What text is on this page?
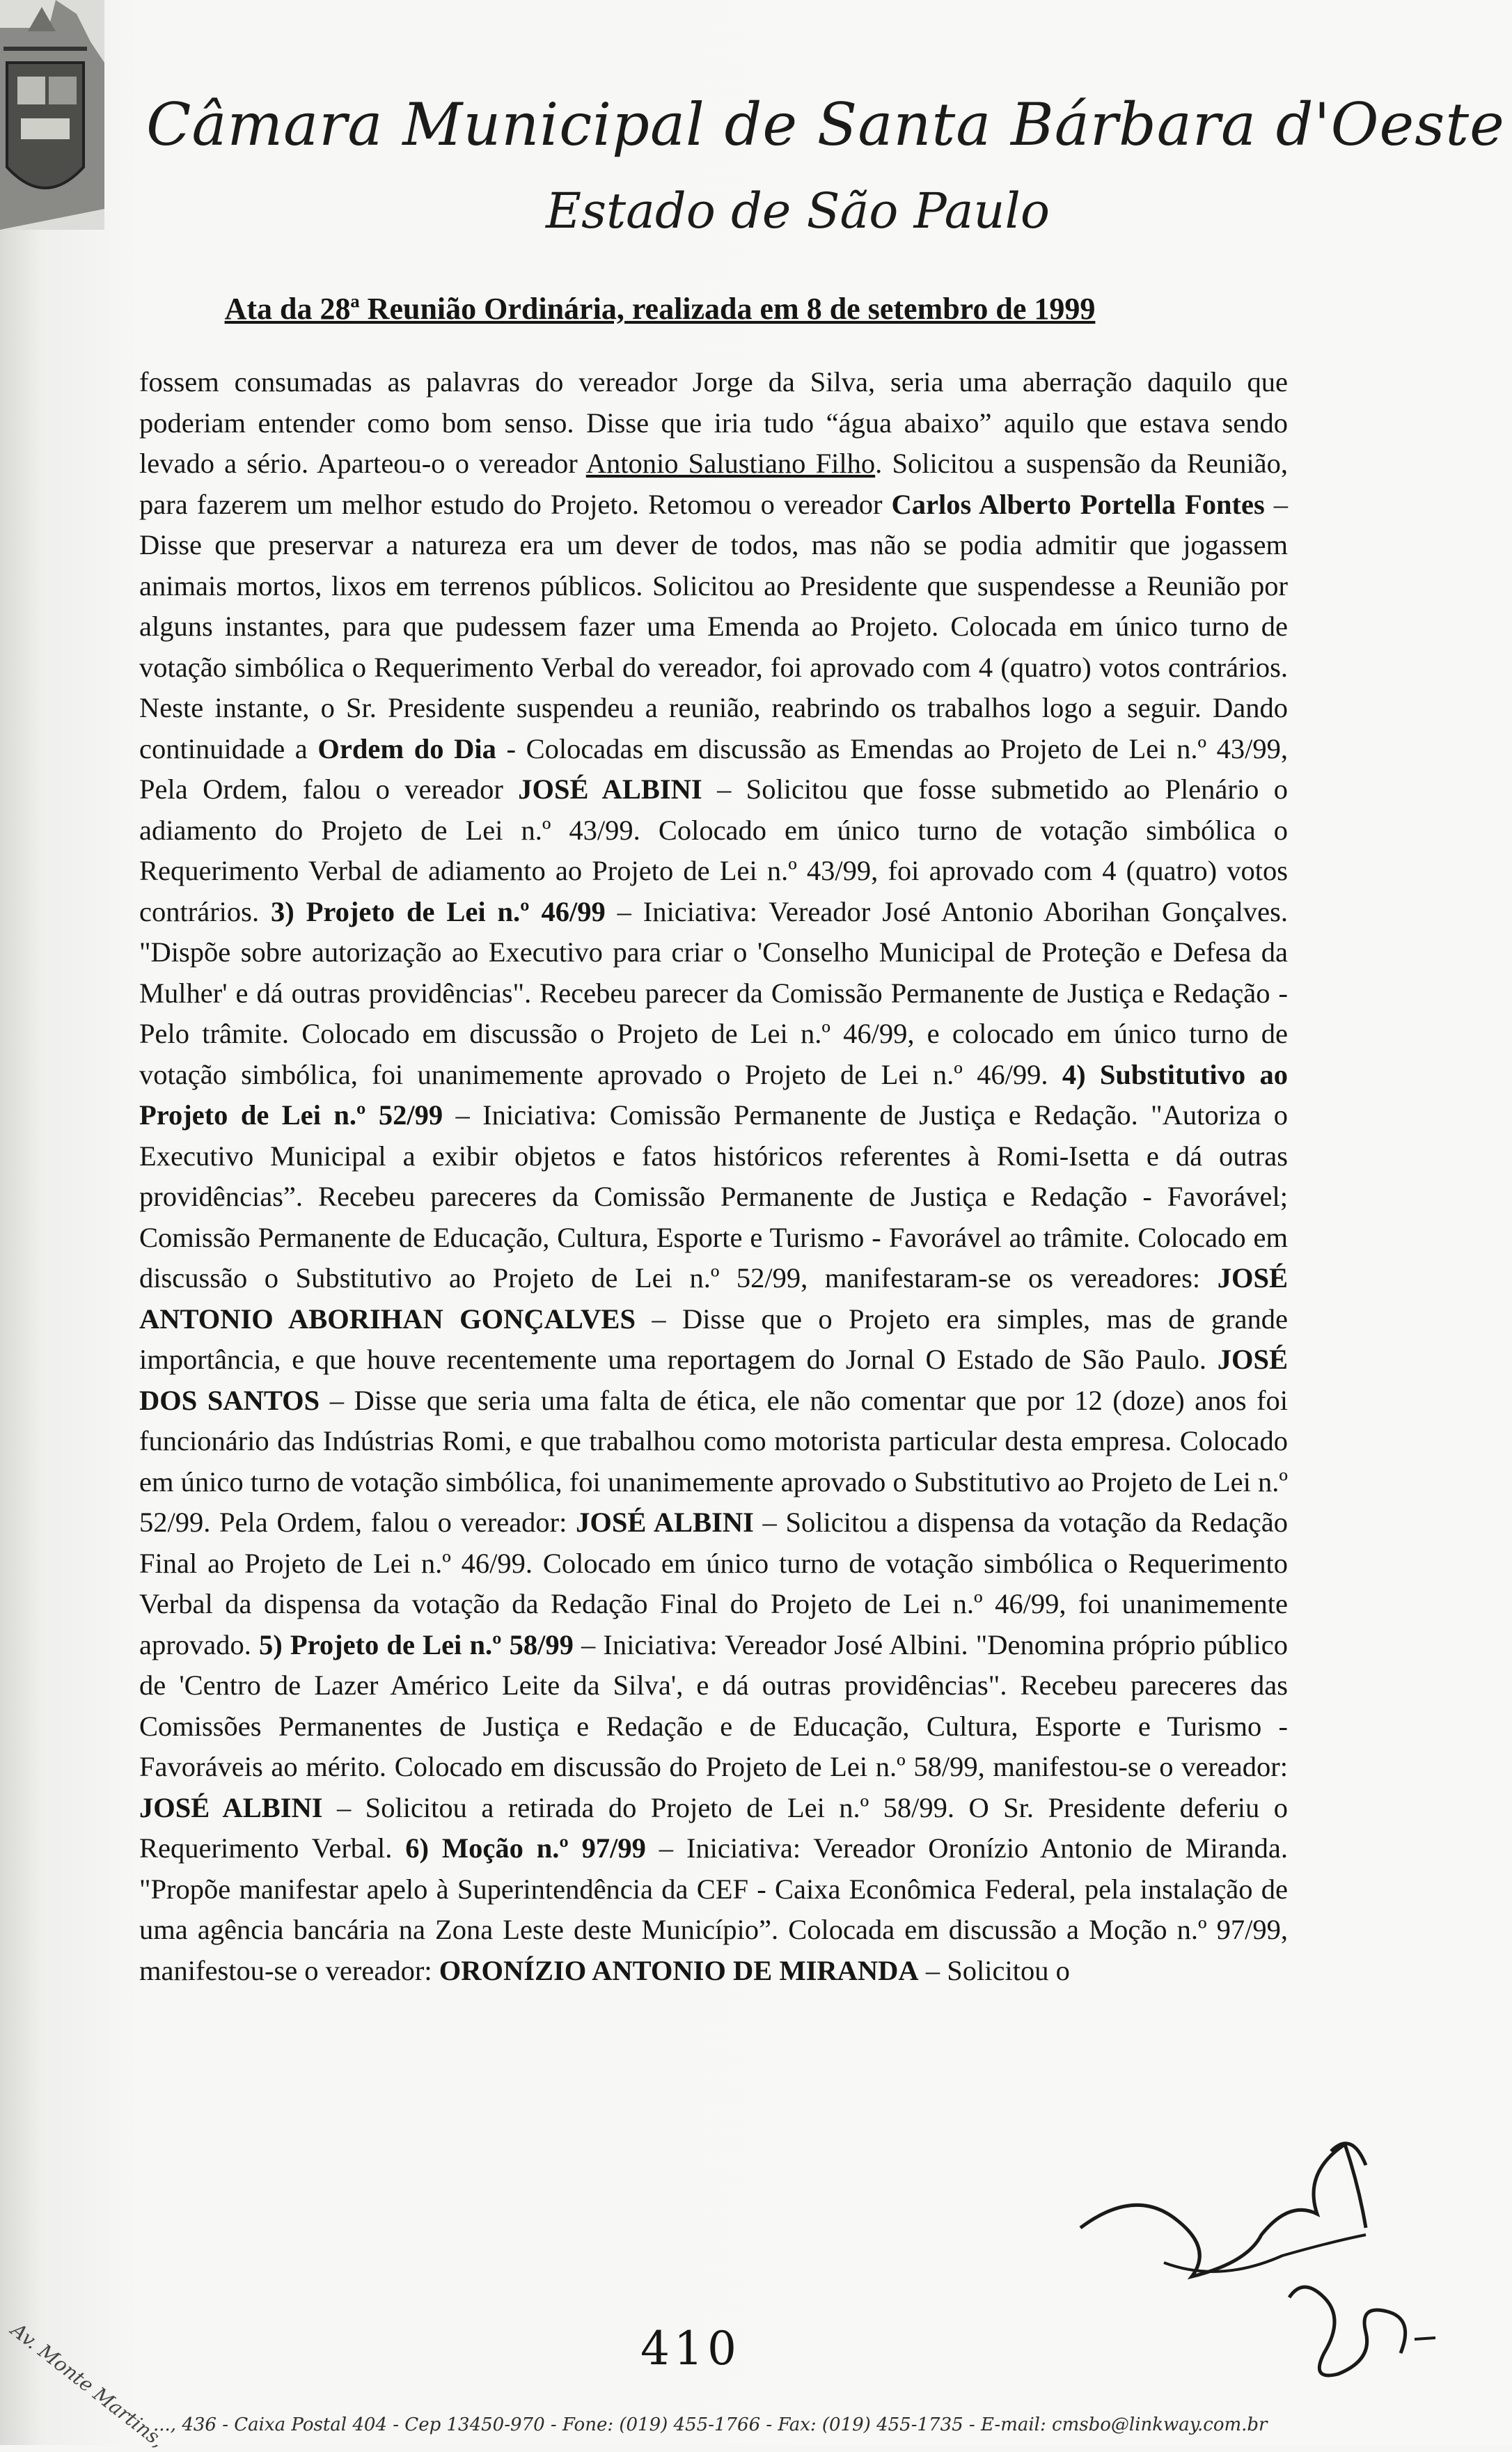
Câmara Municipal de Santa Bárbara d'Oeste
Estado de São Paulo
Ata da 28ª Reunião Ordinária, realizada em 8 de setembro de 1999

fossem consumadas as palavras do vereador Jorge da Silva, seria uma aberração daquilo que poderiam entender como bom senso. Disse que iria tudo “água abaixo” aquilo que estava sendo levado a sério. Aparteou-o o vereador Antonio Salustiano Filho. Solicitou a suspensão da Reunião, para fazerem um melhor estudo do Projeto. Retomou o vereador Carlos Alberto Portella Fontes – Disse que preservar a natureza era um dever de todos, mas não se podia admitir que jogassem animais mortos, lixos em terrenos públicos. Solicitou ao Presidente que suspendesse a Reunião por alguns instantes, para que pudessem fazer uma Emenda ao Projeto. Colocada em único turno de votação simbólica o Requerimento Verbal do vereador, foi aprovado com 4 (quatro) votos contrários. Neste instante, o Sr. Presidente suspendeu a reunião, reabrindo os trabalhos logo a seguir. Dando continuidade a Ordem do Dia - Colocadas em discussão as Emendas ao Projeto de Lei n.º 43/99, Pela Ordem, falou o vereador JOSÉ ALBINI – Solicitou que fosse submetido ao Plenário o adiamento do Projeto de Lei n.º 43/99. Colocado em único turno de votação simbólica o Requerimento Verbal de adiamento ao Projeto de Lei n.º 43/99, foi aprovado com 4 (quatro) votos contrários. 3) Projeto de Lei n.º 46/99 – Iniciativa: Vereador José Antonio Aborihan Gonçalves. "Dispõe sobre autorização ao Executivo para criar o 'Conselho Municipal de Proteção e Defesa da Mulher' e dá outras providências". Recebeu parecer da Comissão Permanente de Justiça e Redação - Pelo trâmite. Colocado em discussão o Projeto de Lei n.º 46/99, e colocado em único turno de votação simbólica, foi unanimemente aprovado o Projeto de Lei n.º 46/99. 4) Substitutivo ao Projeto de Lei n.º 52/99 – Iniciativa: Comissão Permanente de Justiça e Redação. "Autoriza o Executivo Municipal a exibir objetos e fatos históricos referentes à Romi-Isetta e dá outras providências”. Recebeu pareceres da Comissão Permanente de Justiça e Redação - Favorável; Comissão Permanente de Educação, Cultura, Esporte e Turismo - Favorável ao trâmite. Colocado em discussão o Substitutivo ao Projeto de Lei n.º 52/99, manifestaram-se os vereadores: JOSÉ ANTONIO ABORIHAN GONÇALVES – Disse que o Projeto era simples, mas de grande importância, e que houve recentemente uma reportagem do Jornal O Estado de São Paulo. JOSÉ DOS SANTOS – Disse que seria uma falta de ética, ele não comentar que por 12 (doze) anos foi funcionário das Indústrias Romi, e que trabalhou como motorista particular desta empresa. Colocado em único turno de votação simbólica, foi unanimemente aprovado o Substitutivo ao Projeto de Lei n.º 52/99. Pela Ordem, falou o vereador: JOSÉ ALBINI – Solicitou a dispensa da votação da Redação Final ao Projeto de Lei n.º 46/99. Colocado em único turno de votação simbólica o Requerimento Verbal da dispensa da votação da Redação Final do Projeto de Lei n.º 46/99, foi unanimemente aprovado. 5) Projeto de Lei n.º 58/99 – Iniciativa: Vereador José Albini. "Denomina próprio público de 'Centro de Lazer Américo Leite da Silva', e dá outras providências". Recebeu pareceres das Comissões Permanentes de Justiça e Redação e de Educação, Cultura, Esporte e Turismo - Favoráveis ao mérito. Colocado em discussão do Projeto de Lei n.º 58/99, manifestou-se o vereador: JOSÉ ALBINI – Solicitou a retirada do Projeto de Lei n.º 58/99. O Sr. Presidente deferiu o Requerimento Verbal. 6) Moção n.º 97/99 – Iniciativa: Vereador Oronízio Antonio de Miranda. "Propõe manifestar apelo à Superintendência da CEF - Caixa Econômica Federal, pela instalação de uma agência bancária na Zona Leste deste Município”. Colocada em discussão a Moção n.º 97/99, manifestou-se o vereador: ORONÍZIO ANTONIO DE MIRANDA – Solicitou o

410
Av. Monte Martins,
..., 436 - Caixa Postal 404 - Cep 13450-970 - Fone: (019) 455-1766 - Fax: (019) 455-1735 - E-mail: cmsbo@linkway.com.br
